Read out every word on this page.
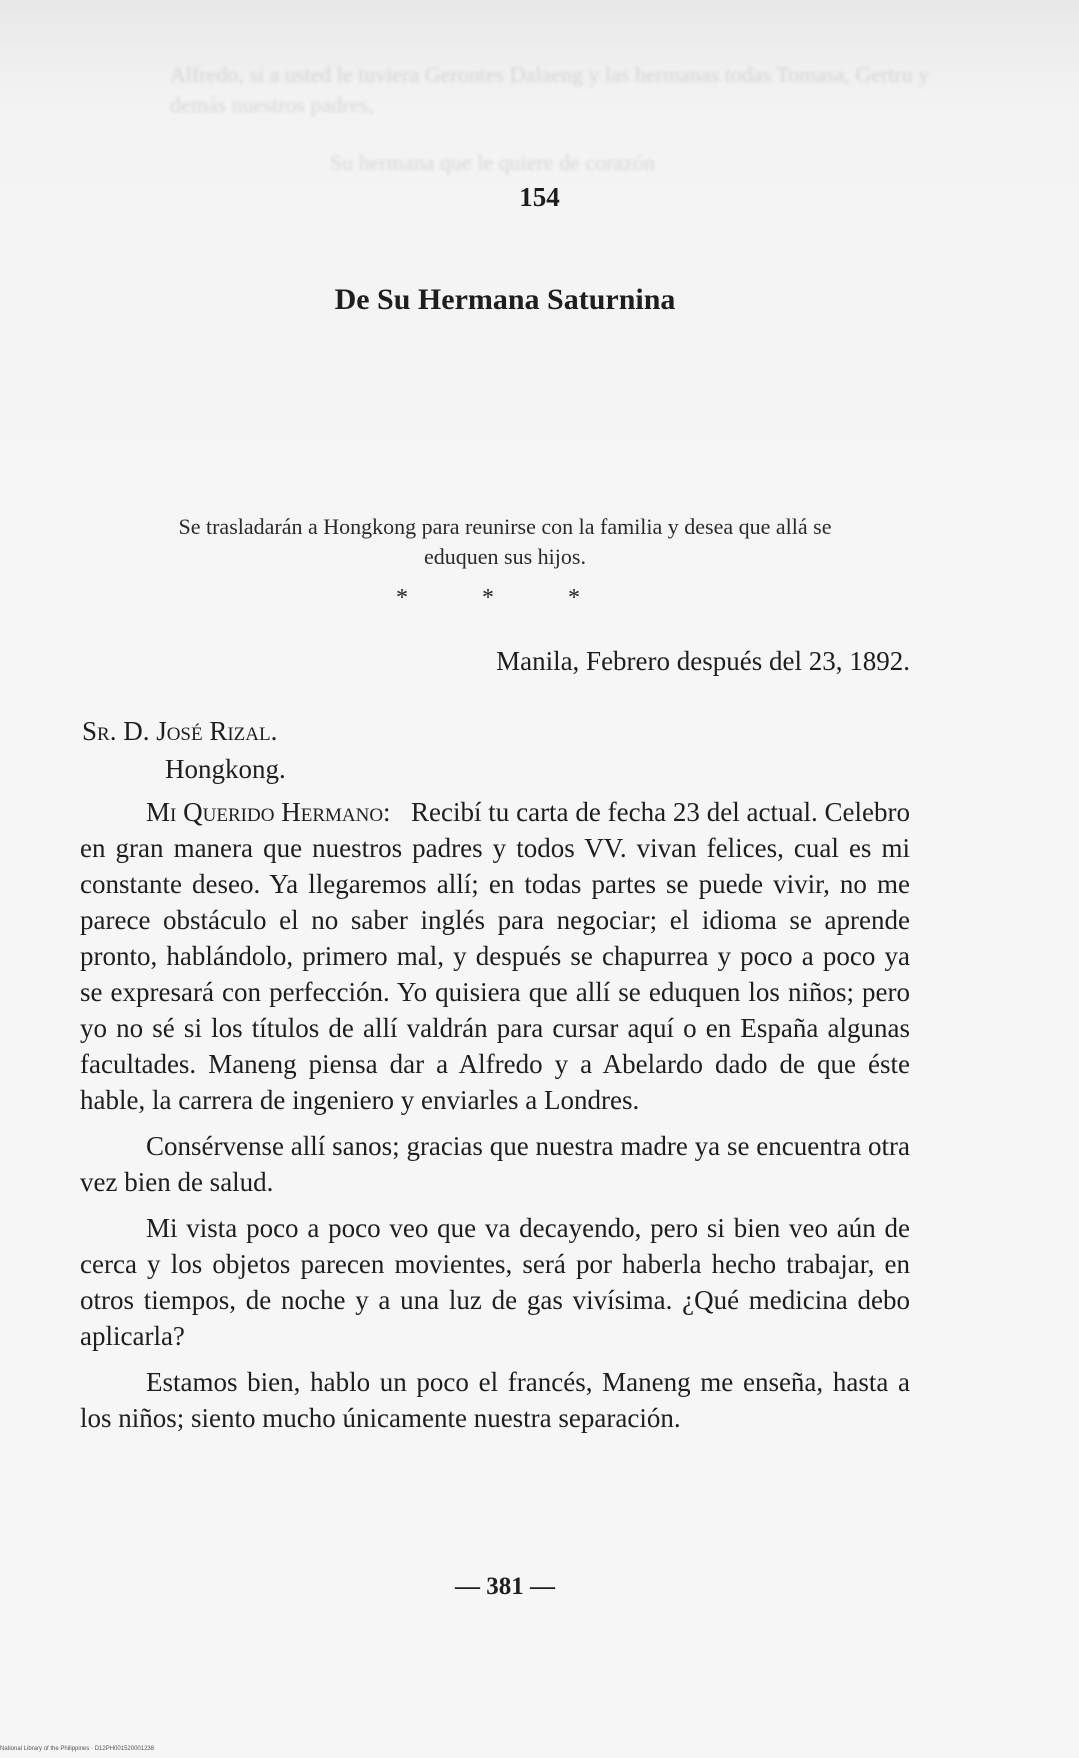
Alfredo, si a usted le tuviera Gerontes Dalaeng y las hermanas todas Tomasa, Gertru y demás nuestros padres,
Su hermana que le quiere de corazón
154
De Su Hermana Saturnina
Se trasladarán a Hongkong para reunirse con la familia y desea que allá se eduquen sus hijos.
* * *
Manila, Febrero después del 23, 1892.
Sr. D. José Rizal.
Hongkong.

Mi Querido Hermano: Recibí tu carta de fecha 23 del actual. Celebro en gran manera que nuestros padres y todos VV. vivan felices, cual es mi constante deseo. Ya llegaremos allí; en todas partes se puede vivir, no me parece obstáculo el no saber inglés para negociar; el idioma se aprende pronto, hablándolo, primero mal, y después se chapurrea y poco a poco ya se expresará con perfección. Yo quisiera que allí se eduquen los niños; pero yo no sé si los títulos de allí valdrán para cursar aquí o en España algunas facultades. Maneng piensa dar a Alfredo y a Abelardo dado de que éste hable, la carrera de ingeniero y enviarles a Londres.

Consérvense allí sanos; gracias que nuestra madre ya se encuentra otra vez bien de salud.

Mi vista poco a poco veo que va decayendo, pero si bien veo aún de cerca y los objetos parecen movientes, será por haberla hecho trabajar, en otros tiempos, de noche y a una luz de gas vivísima. ¿Qué medicina debo aplicarla?

Estamos bien, hablo un poco el francés, Maneng me enseña, hasta a los niños; siento mucho únicamente nuestra separación.

— 381 —
National Library of the Philippines · D12PH001520001238
